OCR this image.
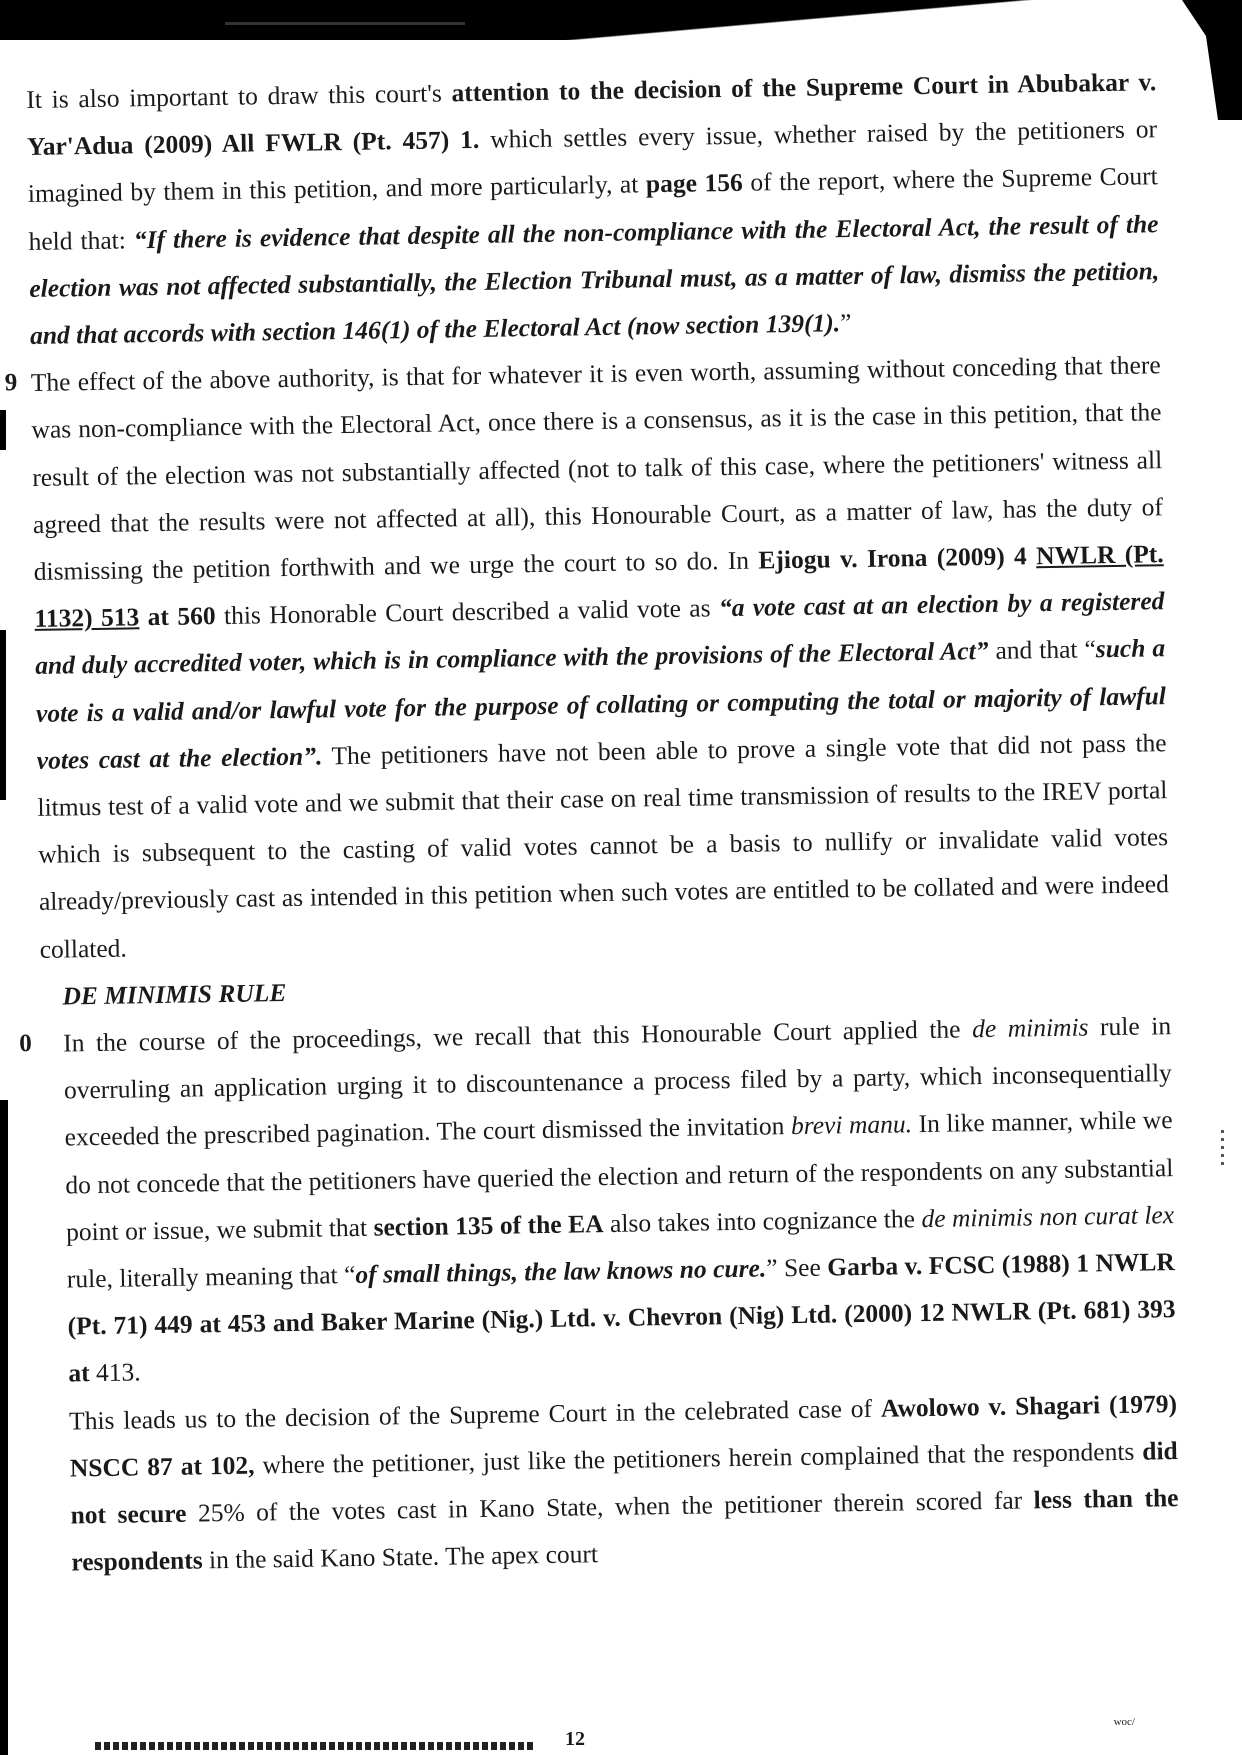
It is also important to draw this court's attention to the decision of the Supreme Court in Abubakar v. Yar'Adua (2009) All FWLR (Pt. 457) 1. which settles every issue, whether raised by the petitioners or imagined by them in this petition, and more particularly, at page 156 of the report, where the Supreme Court held that: “If there is evidence that despite all the non-compliance with the Electoral Act, the result of the election was not affected substantially, the Election Tribunal must, as a matter of law, dismiss the petition, and that accords with section 146(1) of the Electoral Act (now section 139(1).”

9 The effect of the above authority, is that for whatever it is even worth, assuming without conceding that there was non-compliance with the Electoral Act, once there is a consensus, as it is the case in this petition, that the result of the election was not substantially affected (not to talk of this case, where the petitioners' witness all agreed that the results were not affected at all), this Honourable Court, as a matter of law, has the duty of dismissing the petition forthwith and we urge the court to so do. In Ejiogu v. Irona (2009) 4 NWLR (Pt. 1132) 513 at 560 this Honorable Court described a valid vote as “a vote cast at an election by a registered and duly accredited voter, which is in compliance with the provisions of the Electoral Act” and that “such a vote is a valid and/or lawful vote for the purpose of collating or computing the total or majority of lawful votes cast at the election”. The petitioners have not been able to prove a single vote that did not pass the litmus test of a valid vote and we submit that their case on real time transmission of results to the IREV portal which is subsequent to the casting of valid votes cannot be a basis to nullify or invalidate valid votes already/previously cast as intended in this petition when such votes are entitled to be collated and were indeed collated.

DE MINIMIS RULE

0 In the course of the proceedings, we recall that this Honourable Court applied the de minimis rule in overruling an application urging it to discountenance a process filed by a party, which inconsequentially exceeded the prescribed pagination. The court dismissed the invitation brevi manu. In like manner, while we do not concede that the petitioners have queried the election and return of the respondents on any substantial point or issue, we submit that section 135 of the EA also takes into cognizance the de minimis non curat lex rule, literally meaning that “of small things, the law knows no cure.” See Garba v. FCSC (1988) 1 NWLR (Pt. 71) 449 at 453 and Baker Marine (Nig.) Ltd. v. Chevron (Nig) Ltd. (2000) 12 NWLR (Pt. 681) 393 at 413.

This leads us to the decision of the Supreme Court in the celebrated case of Awolowo v. Shagari (1979) NSCC 87 at 102, where the petitioner, just like the petitioners herein complained that the respondents did not secure 25% of the votes cast in Kano State, when the petitioner therein scored far less than the respondents in the said Kano State. The apex court

12
woc/
